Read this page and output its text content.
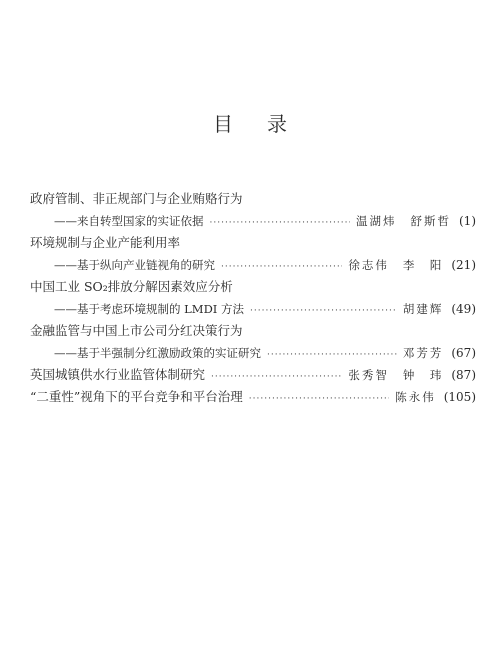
目 录
政府管制、非正规部门与企业贿赂行为
——来自转型国家的实证依据 ·····	温湖炜 舒斯哲	( 1 )
环境规制与企业产能利用率
——基于纵向产业链视角的研究 ·····	徐志伟 李　阳	( 21 )
中国工业 SO₂排放分解因素效应分析
——基于考虑环境规制的 LMDI 方法 ·····	胡建辉	( 49 )
金融监管与中国上市公司分红决策行为
——基于半强制分红激励政策的实证研究 ·····	邓芳芳	( 67 )
英国城镇供水行业监管体制研究 ·····	张秀智 钟　玮	( 87 )
“二重性”视角下的平台竞争和平台治理 ·····	陈永伟	( 105 )
